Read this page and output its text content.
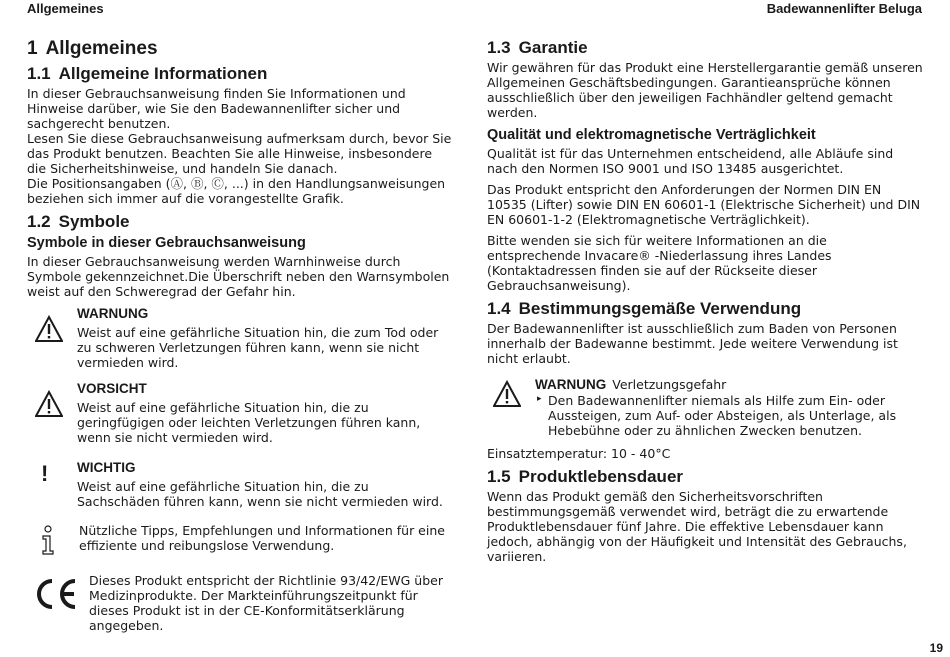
Allgemeines	Badewannenlifter Beluga
1 Allgemeines
1.1 Allgemeine Informationen

In dieser Gebrauchsanweisung finden Sie Informationen und Hinweise darüber, wie Sie den Badewannenlifter sicher und sachgerecht benutzen.

Lesen Sie diese Gebrauchsanweisung aufmerksam durch, bevor Sie das Produkt benutzen. Beachten Sie alle Hinweise, insbesondere die Sicherheitshinweise, und handeln Sie danach.

Die Positionsangaben (Ⓐ, Ⓑ, Ⓒ, ...) in den Handlungsanweisungen beziehen sich immer auf die vorangestellte Grafik.

1.2 Symbole
Symbole in dieser Gebrauchsanweisung

In dieser Gebrauchsanweisung werden Warnhinweise durch Symbole gekennzeichnet.Die Überschrift neben den Warnsymbolen weist auf den Schweregrad der Gefahr hin.

WARNUNG

Weist auf eine gefährliche Situation hin, die zum Tod oder zu schweren Verletzungen führen kann, wenn sie nicht vermieden wird.

VORSICHT

Weist auf eine gefährliche Situation hin, die zu geringfügigen oder leichten Verletzungen führen kann, wenn sie nicht vermieden wird.

! WICHTIG

Weist auf eine gefährliche Situation hin, die zu Sachschäden führen kann, wenn sie nicht vermieden wird.

Nützliche Tipps, Empfehlungen und Informationen für eine effiziente und reibungslose Verwendung.

Dieses Produkt entspricht der Richtlinie 93/42/EWG über Medizinprodukte. Der Markteinführungszeitpunkt für dieses Produkt ist in der CE-Konformitätserklärung angegeben.

1.3 Garantie

Wir gewähren für das Produkt eine Herstellergarantie gemäß unseren Allgemeinen Geschäftsbedingungen. Garantieansprüche können ausschließlich über den jeweiligen Fachhändler geltend gemacht werden.

Qualität und elektromagnetische Verträglichkeit

Qualität ist für das Unternehmen entscheidend, alle Abläufe sind nach den Normen ISO 9001 und ISO 13485 ausgerichtet.

Das Produkt entspricht den Anforderungen der Normen DIN EN 10535 (Lifter) sowie DIN EN 60601-1 (Elektrische Sicherheit) und DIN EN 60601-1-2 (Elektromagnetische Verträglichkeit).

Bitte wenden sie sich für weitere Informationen an die entsprechende Invacare® -Niederlassung ihres Landes (Kontaktadressen finden sie auf der Rückseite dieser Gebrauchsanweisung).

1.4 Bestimmungsgemäße Verwendung

Der Badewannenlifter ist ausschließlich zum Baden von Personen innerhalb der Badewanne bestimmt. Jede weitere Verwendung ist nicht erlaubt.

WARNUNG Verletzungsgefahr
▸ Den Badewannenlifter niemals als Hilfe zum Ein- oder Aussteigen, zum Auf- oder Absteigen, als Unterlage, als Hebebühne oder zu ähnlichen Zwecken benutzen.

Einsatztemperatur: 10 - 40°C

1.5 Produktlebensdauer

Wenn das Produkt gemäß den Sicherheitsvorschriften bestimmungsgemäß verwendet wird, beträgt die zu erwartende Produktlebensdauer fünf Jahre. Die effektive Lebensdauer kann jedoch, abhängig von der Häufigkeit und Intensität des Gebrauchs, variieren.

19
